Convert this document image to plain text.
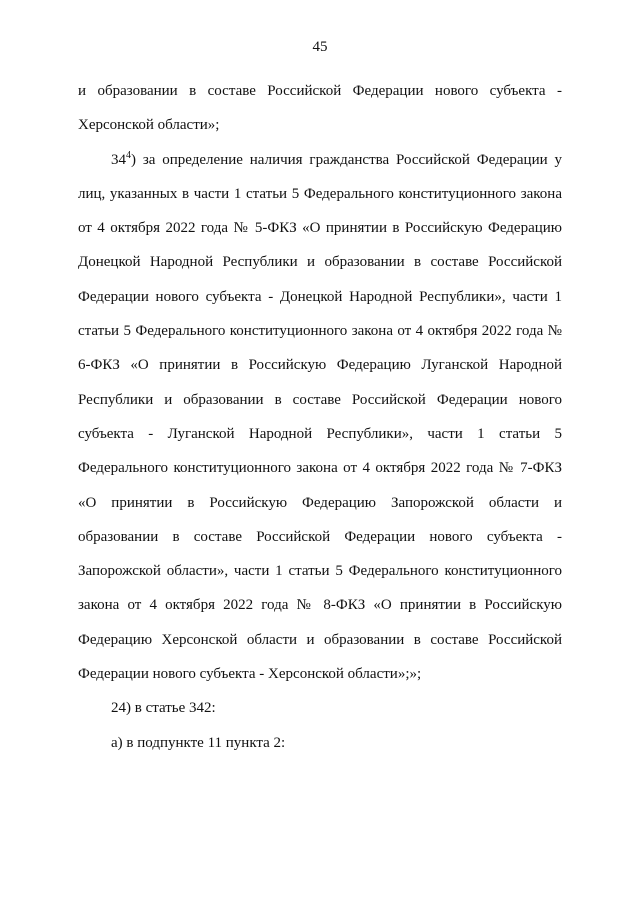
45

и образовании в составе Российской Федерации нового субъекта - Херсонской области»;

$34^4$) за определение наличия гражданства Российской Федерации у лиц, указанных в части 1 статьи 5 Федерального конституционного закона от 4 октября 2022 года № 5-ФКЗ «О принятии в Российскую Федерацию Донецкой Народной Республики и образовании в составе Российской Федерации нового субъекта - Донецкой Народной Республики», части 1 статьи 5 Федерального конституционного закона от 4 октября 2022 года № 6-ФКЗ «О принятии в Российскую Федерацию Луганской Народной Республики и образовании в составе Российской Федерации нового субъекта - Луганской Народной Республики», части 1 статьи 5 Федерального конституционного закона от 4 октября 2022 года № 7-ФКЗ «О принятии в Российскую Федерацию Запорожской области и образовании в составе Российской Федерации нового субъекта - Запорожской области», части 1 статьи 5 Федерального конституционного закона от 4 октября 2022 года № 8-ФКЗ «О принятии в Российскую Федерацию Херсонской области и образовании в составе Российской Федерации нового субъекта - Херсонской области»;»;

24) в статье 342:

а) в подпункте 11 пункта 2:
